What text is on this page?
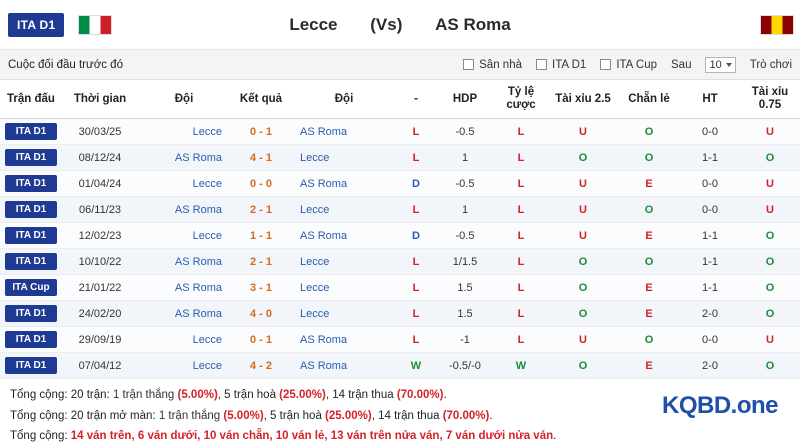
ITA D1	Lecce (Vs) AS Roma
Cuộc đối đầu trước đó	Sân nhà	ITA D1	ITA Cup Sau 10 Trò chơi
Trận đấu	Thời gian	Đội	Kết quả	Đội	-	HDP	Tỷ lệ cược	Tài xỉu 2.5	Chẵn lẻ	HT	Tài xỉu 0.75
ITA D1	30/03/25	Lecce	0 - 1	AS Roma	L	-0.5	L	U	O	0-0	U
ITA D1	08/12/24	AS Roma	4 - 1	Lecce	L	1	L	O	O	1-1	O
ITA D1	01/04/24	Lecce	0 - 0	AS Roma	D	-0.5	L	U	E	0-0	U
ITA D1	06/11/23	AS Roma	2 - 1	Lecce	L	1	L	U	O	0-0	U
ITA D1	12/02/23	Lecce	1 - 1	AS Roma	D	-0.5	L	U	E	1-1	O
ITA D1	10/10/22	AS Roma	2 - 1	Lecce	L	1/1.5	L	O	O	1-1	O
ITA Cup	21/01/22	AS Roma	3 - 1	Lecce	L	1.5	L	O	E	1-1	O
ITA D1	24/02/20	AS Roma	4 - 0	Lecce	L	1.5	L	O	E	2-0	O
ITA D1	29/09/19	Lecce	0 - 1	AS Roma	L	-1	L	U	O	0-0	U
ITA D1	07/04/12	Lecce	4 - 2	AS Roma	W	-0.5/-0	W	O	E	2-0	O
Tổng cộng: 20 trận: 1 trận thắng (5.00%), 5 trận hoà (25.00%), 14 trận thua (70.00%).
Tổng cộng: 20 trận mở màn: 1 trận thắng (5.00%), 5 trận hoà (25.00%), 14 trận thua (70.00%).
Tổng cộng: 14 ván trên, 6 ván dưới, 10 ván chẵn, 10 ván lẻ, 13 ván trên nửa ván, 7 ván dưới nửa ván.
KQBD.one
